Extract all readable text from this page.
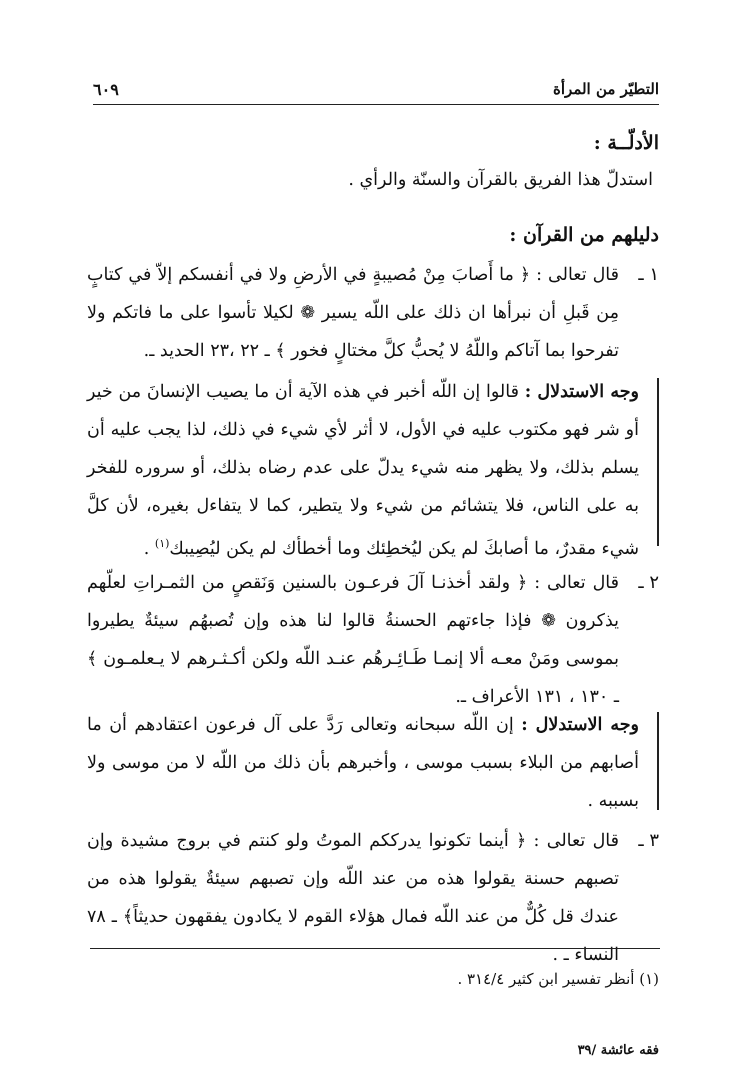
التطيّر من المرأة
٦٠٩
الأدلّــة :
استدلّ هذا الفريق بالقرآن والسنّة والرأي .
دليلهم من القرآن :
١ ـ
قال تعالى : ﴿ ما أَصابَ مِنْ مُصيبةٍ في الأرضِ ولا في أنفسكم إلاّ في كتابٍ مِن قَبلِ أن نبرأها ان ذلك على اللّه يسير ❁ لكيلا تأسوا على ما فاتكم ولا تفرحوا بما آتاكم واللّهُ لا يُحبُّ كلَّ مختالٍ فخور ﴾ ـ ٢٢ ،٢٣ الحديد ـ.
وجه الاستدلال : قالوا إن اللّه أخبر في هذه الآية أن ما يصيب الإنسانَ من خير أو شر فهو مكتوب عليه في الأول، لا أثر لأي شيء في ذلك، لذا يجب عليه أن يسلم بذلك، ولا يظهر منه شيء يدلّ على عدم رضاه بذلك، أو سروره للفخر به على الناس، فلا يتشائم من شيء ولا يتطير، كما لا يتفاءل بغيره، لأن كلَّ شيء مقدرٌ، ما أصابكَ لم يكن ليُخطِئك وما أخطأك لم يكن ليُصِيبك$^{(١)}$ .
٢ ـ
قال تعالى : ﴿ ولقد أخذنـا آلَ فرعـون بالسنين وَنَقصٍ من الثمـراتِ لعلّهم يذكرون ❁ فإذا جاءتهم الحسنةُ قالوا لنا هذه وإن تُصبهُم سيئةٌ يطيروا بموسى ومَنْ معـه ألا إنمـا طَـائِـرهُم عنـد اللّه ولكن أكـثـرهم لا يـعلمـون ﴾ ـ ١٣٠ ، ١٣١ الأعراف ـ.
وجه الاستدلال : إن اللّه سبحانه وتعالى رَدَّ على آل فرعون اعتقادهم أن ما أصابهم من البلاء بسبب موسى ، وأخبرهم بأن ذلك من اللّه لا من موسى ولا بسببه .
٣ ـ
قال تعالى : ﴿ أينما تكونوا يدرككم الموتُ ولو كنتم في بروج مشيدة وإن تصبهم حسنة يقولوا هذه من عند اللّه وإن تصبهم سيئةٌ يقولوا هذه من عندك قل كُلٌّ من عند اللّه فمال هؤلاء القوم لا يكادون يفقهون حديثاً﴾ ـ ٧٨ النساء ـ .
(١) أنظر تفسير ابن كثير ٣١٤/٤ .
فقه عائشة /٣٩
